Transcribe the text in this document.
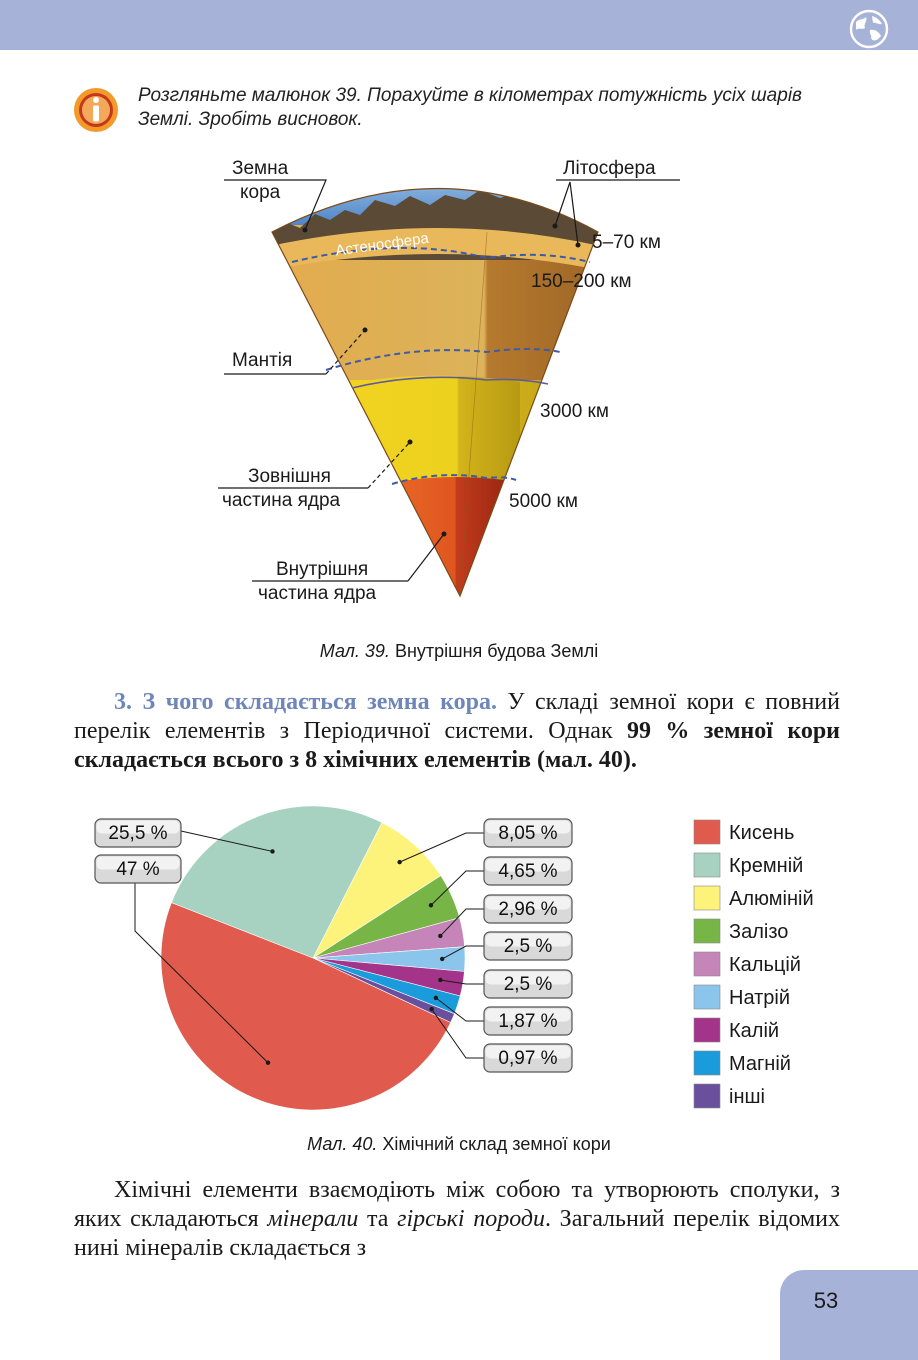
Розгляньте малюнок 39. Порахуйте в кілометрах потужність усіх шарів Землі. Зробіть висновок.
Астеносфера
Земна
кора
Літосфера
5–70 км
150–200 км
3000 км
5000 км
Мантія
Зовнішня
частина ядра
Внутрішня
частина ядра
Мал. 39. Внутрішня будова Землі
3. З чого складається земна кора. У складі земної кори є повний перелік елементів з Періодичної системи. Однак 99 % земної кори складається всього з 8 хімічних елементів (мал. 40).
47 %
25,5 %	8,05 %
4,65 %
2,96 %
2,5 %
2,5 %
1,87 %
0,97 %
Кисень
Кремній
Алюміній
Залізо
Кальцій
Натрій
Калій
Магній
інші
Мал. 40. Хімічний склад земної кори
Хімічні елементи взаємодіють між собою та утворюють сполуки, з яких складаються мінерали та гірські породи. Загальний перелік відомих нині мінералів складається з
53
